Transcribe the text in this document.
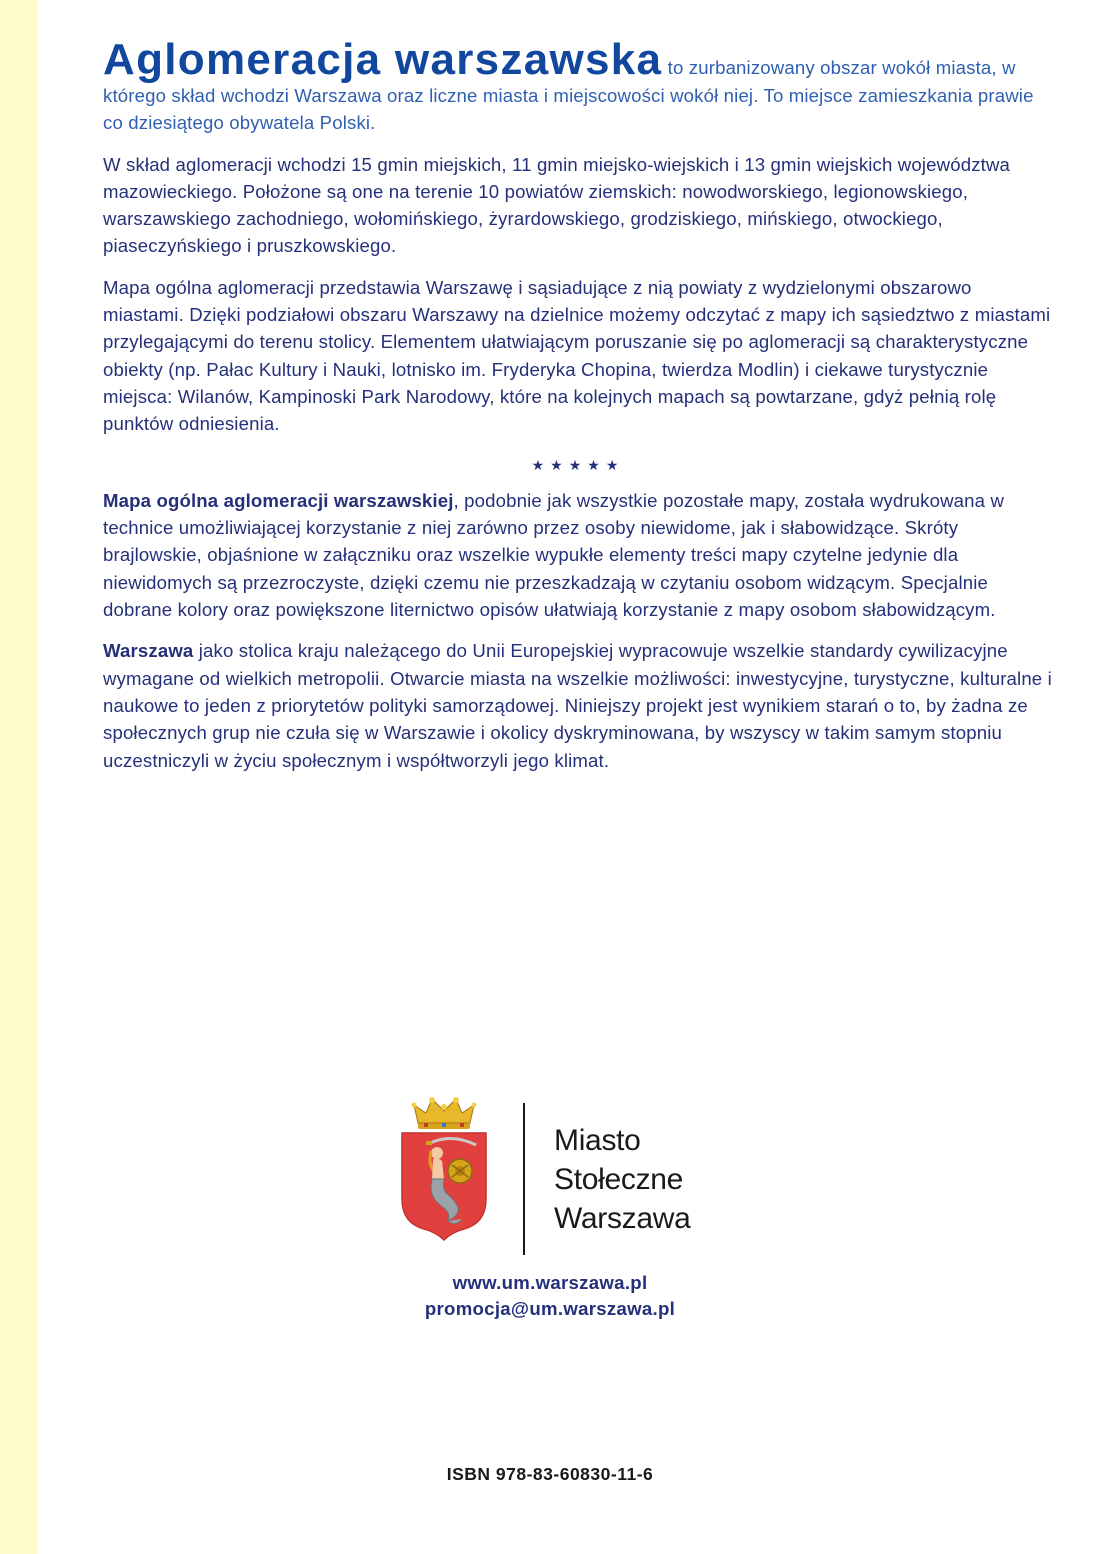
Aglomeracja warszawska to zurbanizowany obszar wokół miasta, w którego skład wchodzi Warszawa oraz liczne miasta i miejscowości wokół niej. To miejsce zamieszkania prawie co dziesiątego obywatela Polski.

W skład aglomeracji wchodzi 15 gmin miejskich, 11 gmin miejsko-wiejskich i 13 gmin wiejskich województwa mazowieckiego. Położone są one na terenie 10 powiatów ziemskich: nowodworskiego, legionowskiego, warszawskiego zachodniego, wołomińskiego, żyrardowskiego, grodziskiego, mińskiego, otwockiego, piaseczyńskiego i pruszkowskiego.

Mapa ogólna aglomeracji przedstawia Warszawę i sąsiadujące z nią powiaty z wydzielonymi obszarowo miastami. Dzięki podziałowi obszaru Warszawy na dzielnice możemy odczytać z mapy ich sąsiedztwo z miastami przylegającymi do terenu stolicy. Elementem ułatwiającym poruszanie się po aglomeracji są charakterystyczne obiekty (np. Pałac Kultury i Nauki, lotnisko im. Fryderyka Chopina, twierdza Modlin) i ciekawe turystycznie miejsca: Wilanów, Kampinoski Park Narodowy, które na kolejnych mapach są powtarzane, gdyż pełnią rolę punktów odniesienia.

★★★★★

Mapa ogólna aglomeracji warszawskiej, podobnie jak wszystkie pozostałe mapy, została wydrukowana w technice umożliwiającej korzystanie z niej zarówno przez osoby niewidome, jak i słabowidzące. Skróty brajlowskie, objaśnione w załączniku oraz wszelkie wypukłe elementy treści mapy czytelne jedynie dla niewidomych są przezroczyste, dzięki czemu nie przeszkadzają w czytaniu osobom widzącym. Specjalnie dobrane kolory oraz powiększone liternictwo opisów ułatwiają korzystanie z mapy osobom słabowidzącym.

Warszawa jako stolica kraju należącego do Unii Europejskiej wypracowuje wszelkie standardy cywilizacyjne wymagane od wielkich metropolii. Otwarcie miasta na wszelkie możliwości: inwestycyjne, turystyczne, kulturalne i naukowe to jeden z priorytetów polityki samorządowej. Niniejszy projekt jest wynikiem starań o to, by żadna ze społecznych grup nie czuła się w Warszawie i okolicy dyskryminowana, by wszyscy w takim samym stopniu uczestniczyli w życiu społecznym i współtworzyli jego klimat.

Miasto
Stołeczne
Warszawa
www.um.warszawa.pl
promocja@um.warszawa.pl
ISBN 978-83-60830-11-6
